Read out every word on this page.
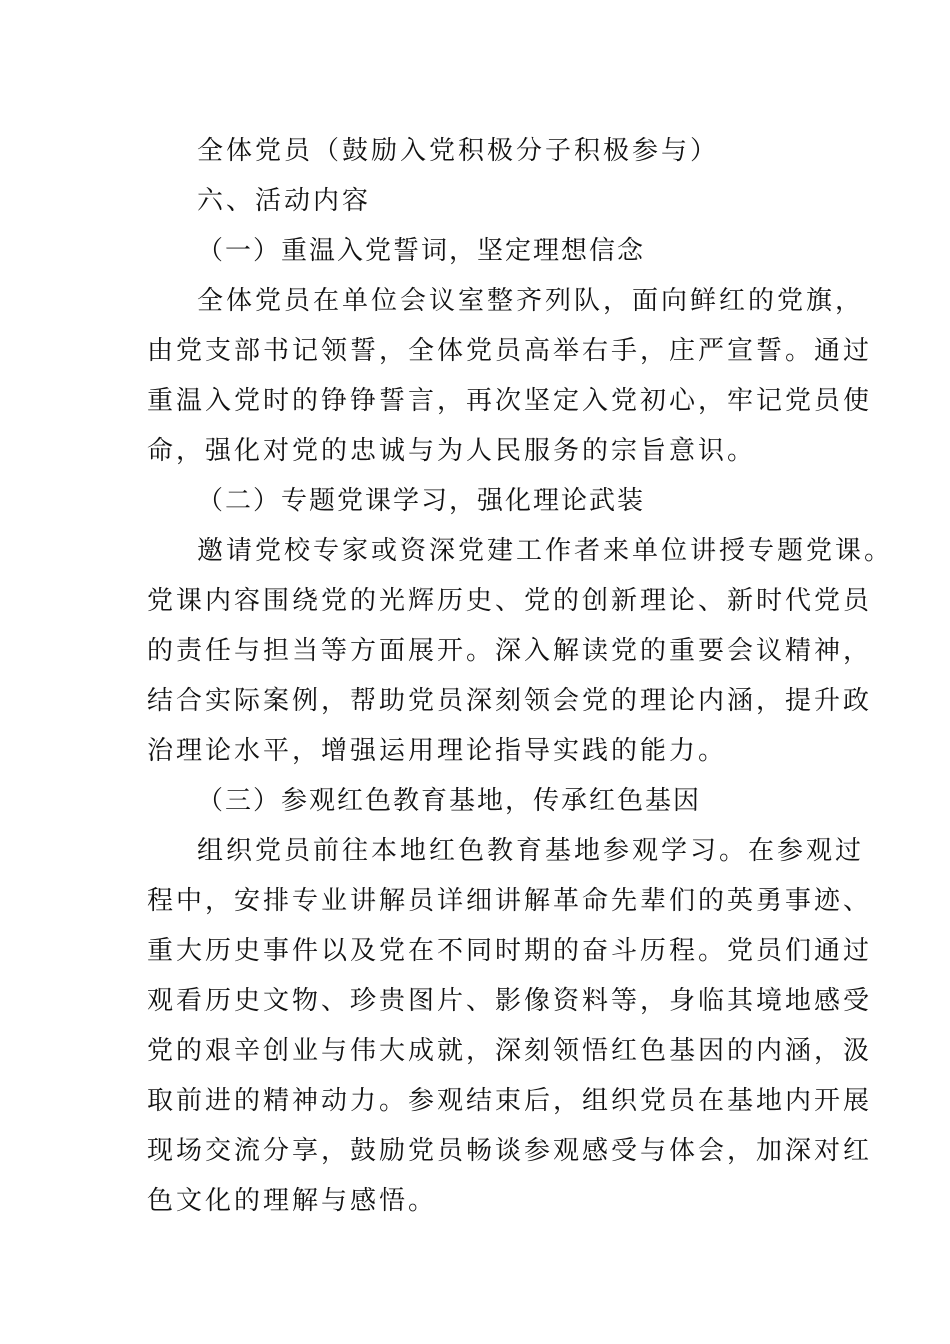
全体党员（鼓励入党积极分子积极参与）
六、活动内容
（一）重温入党誓词，坚定理想信念
全体党员在单位会议室整齐列队，面向鲜红的党旗，
由党支部书记领誓，全体党员高举右手，庄严宣誓。通过
重温入党时的铮铮誓言，再次坚定入党初心，牢记党员使
命，强化对党的忠诚与为人民服务的宗旨意识。
（二）专题党课学习，强化理论武装
邀请党校专家或资深党建工作者来单位讲授专题党课。
党课内容围绕党的光辉历史、党的创新理论、新时代党员
的责任与担当等方面展开。深入解读党的重要会议精神，
结合实际案例，帮助党员深刻领会党的理论内涵，提升政
治理论水平，增强运用理论指导实践的能力。
（三）参观红色教育基地，传承红色基因
组织党员前往本地红色教育基地参观学习。在参观过
程中，安排专业讲解员详细讲解革命先辈们的英勇事迹、
重大历史事件以及党在不同时期的奋斗历程。党员们通过
观看历史文物、珍贵图片、影像资料等，身临其境地感受
党的艰辛创业与伟大成就，深刻领悟红色基因的内涵，汲
取前进的精神动力。参观结束后，组织党员在基地内开展
现场交流分享，鼓励党员畅谈参观感受与体会，加深对红
色文化的理解与感悟。
